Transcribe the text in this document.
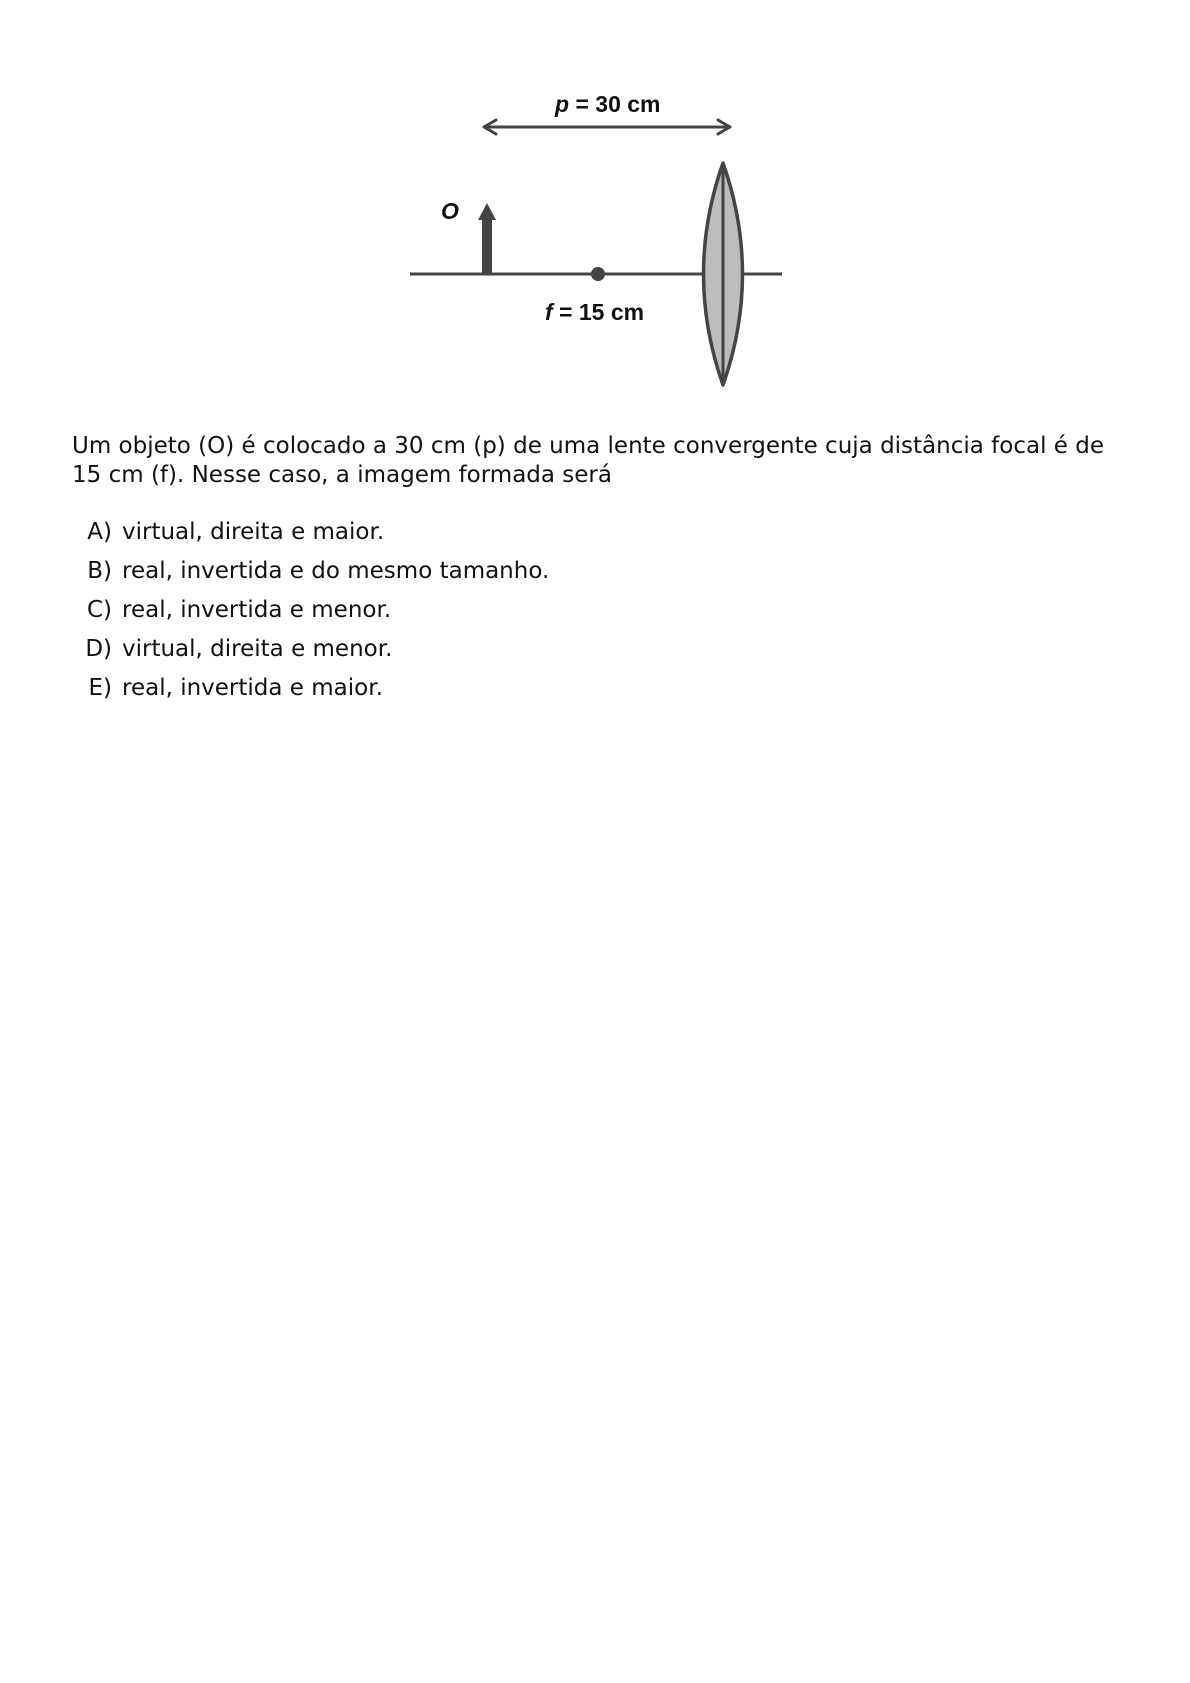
p = 30 cm
O
f = 15 cm
Um objeto (O) é colocado a 30 cm (p) de uma lente convergente cuja distância focal é de 15 cm (f). Nesse caso, a imagem formada será
A) virtual, direita e maior.
B) real, invertida e do mesmo tamanho.
C) real, invertida e menor.
D) virtual, direita e menor.
E) real, invertida e maior.
